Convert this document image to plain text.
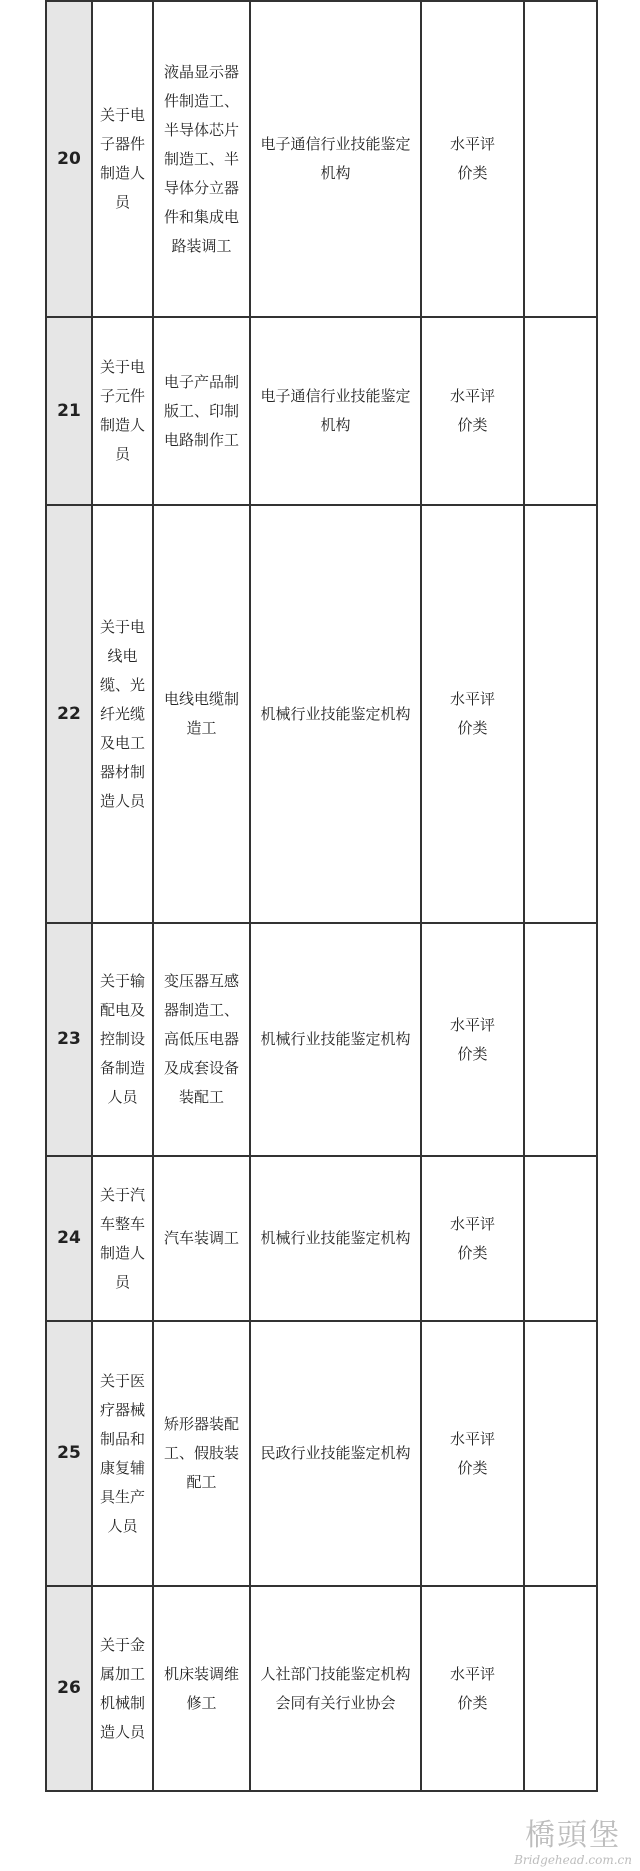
20	关于电子器件制造人员	液晶显示器件制造工、半导体芯片制造工、半导体分立器件和集成电路装调工	电子通信行业技能鉴定机构	水平评价类	
21	关于电子元件制造人员	电子产品制版工、印制电路制作工	电子通信行业技能鉴定机构	水平评价类	
22	关于电线电缆、光纤光缆及电工器材制造人员	电线电缆制造工	机械行业技能鉴定机构	水平评价类	
23	关于输配电及控制设备制造人员	变压器互感器制造工、高低压电器及成套设备装配工	机械行业技能鉴定机构	水平评价类	
24	关于汽车整车制造人员	汽车装调工	机械行业技能鉴定机构	水平评价类	
25	关于医疗器械制品和康复辅具生产人员	矫形器装配工、假肢装配工	民政行业技能鉴定机构	水平评价类	
26	关于金属加工机械制造人员	机床装调维修工	人社部门技能鉴定机构会同有关行业协会	水平评价类	
橋頭堡
Bridgehead.com.cn
